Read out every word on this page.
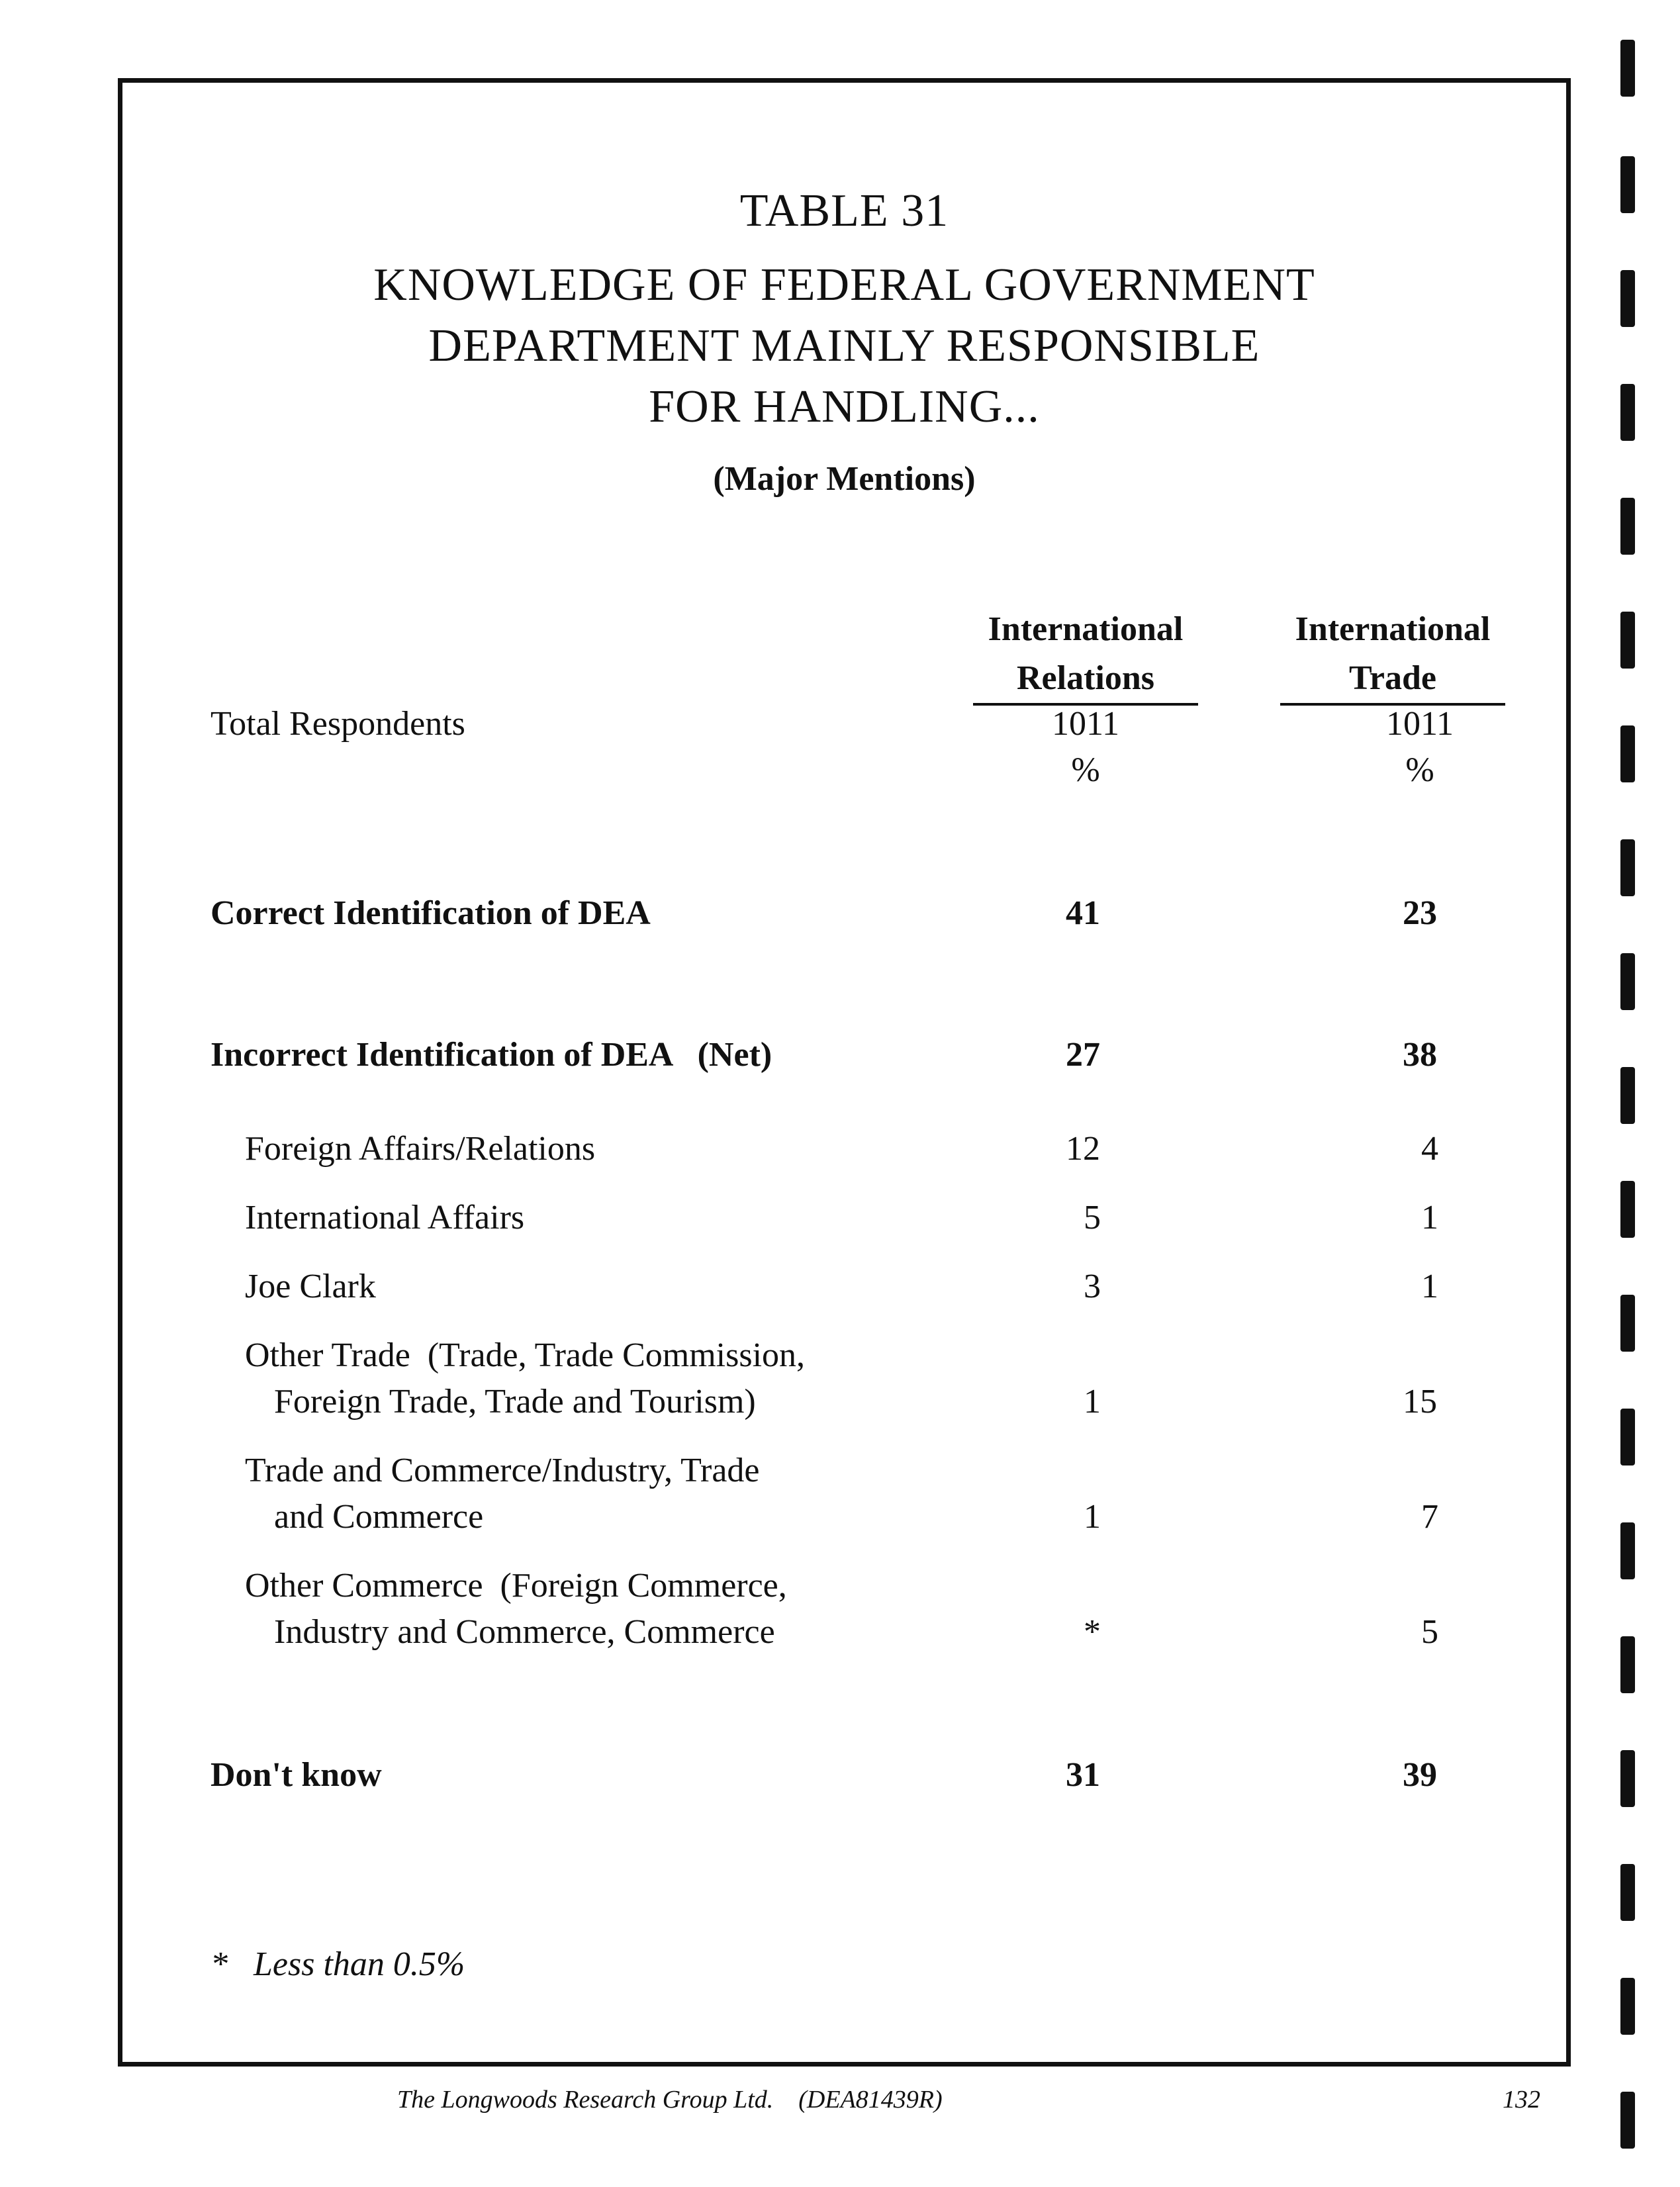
TABLE 31
KNOWLEDGE OF FEDERAL GOVERNMENT
DEPARTMENT MAINLY RESPONSIBLE
FOR HANDLING...
(Major Mentions)
International
Relations
International
Trade
Total Respondents	1011	1011
%	%
Correct Identification of DEA	41	23
Incorrect Identification of DEA   (Net)	27	38
Foreign Affairs/Relations	12	4
International Affairs	5	1
Joe Clark	3	1
Other Trade  (Trade, Trade Commission,
Foreign Trade, Trade and Tourism)	1	15
Trade and Commerce/Industry, Trade
and Commerce	1	7
Other Commerce  (Foreign Commerce,
Industry and Commerce, Commerce	*	5
Don't know	31	39
*   Less than 0.5%
The Longwoods Research Group Ltd.    (DEA81439R)	132
